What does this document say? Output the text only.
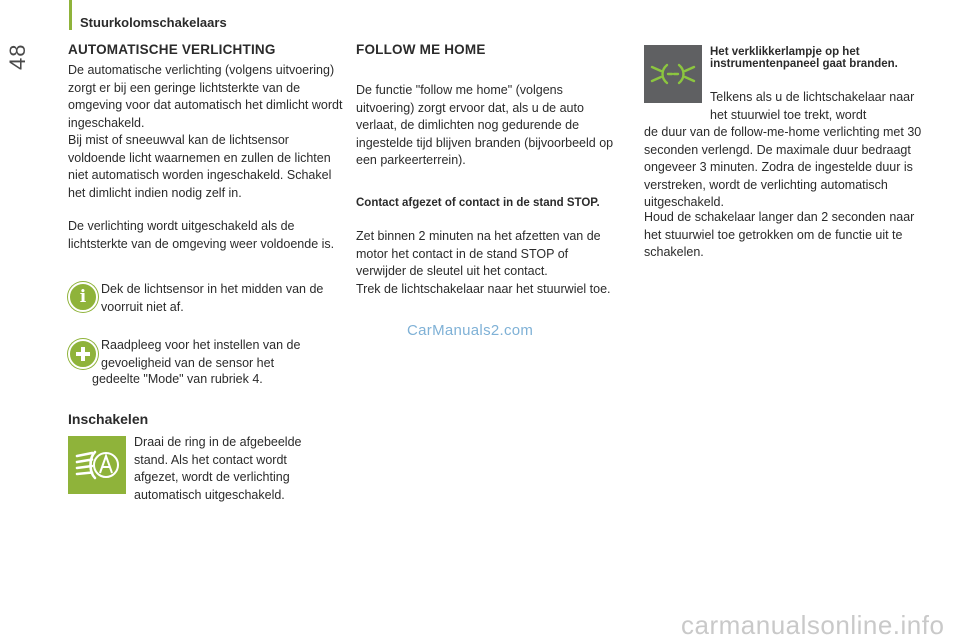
48
Stuurkolomschakelaars
AUTOMATISCHE VERLICHTING

De automatische verlichting (volgens uitvoering) zorgt er bij een geringe lichtsterkte van de omgeving voor dat automatisch het dimlicht wordt ingeschakeld.

Bij mist of sneeuwval kan de lichtsensor voldoende licht waarnemen en zullen de lichten niet automatisch worden ingeschakeld. Schakel het dimlicht indien nodig zelf in.

De verlichting wordt uitgeschakeld als de lichtsterkte van de omgeving weer voldoende is.

i	Dek de lichtsensor in het midden van de voorruit niet af.

Raadpleeg voor het instellen van de gevoeligheid van de sensor het

gedeelte "Mode" van rubriek 4.

Inschakelen

Draai de ring in de afgebeelde stand. Als het contact wordt afgezet, wordt de verlichting automatisch uitgeschakeld.

FOLLOW ME HOME

De functie "follow me home" (volgens uitvoering) zorgt ervoor dat, als u de auto verlaat, de dimlichten nog gedurende de ingestelde tijd blijven branden (bijvoorbeeld op een parkeerterrein).

Contact afgezet of contact in de stand STOP.

Zet binnen 2 minuten na het afzetten van de motor het contact in de stand STOP of verwijder de sleutel uit het contact.

Trek de lichtschakelaar naar het stuurwiel toe.

CarManuals2.com
Het verklikkerlampje op het instrumentenpaneel gaat branden.

Telkens als u de lichtschakelaar naar het stuurwiel toe trekt, wordt

de duur van de follow-me-home verlichting met 30 seconden verlengd. De maximale duur bedraagt ongeveer 3 minuten. Zodra de ingestelde duur is verstreken, wordt de verlichting automatisch uitgeschakeld.

Houd de schakelaar langer dan 2 seconden naar het stuurwiel toe getrokken om de functie uit te schakelen.

carmanualsonline.info
